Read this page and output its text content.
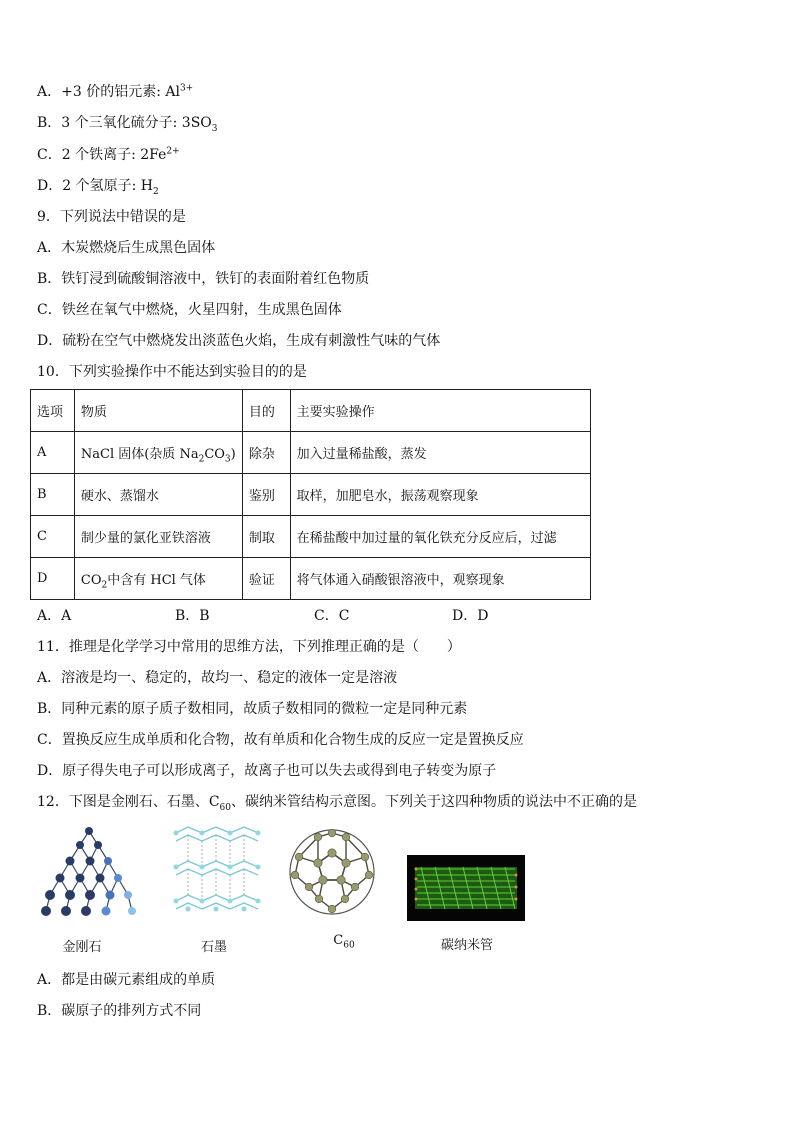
A．+3 价的铝元素: $Al^{3+}$
B．3 个三氧化硫分子: $3SO_3$
C．2 个铁离子: $2Fe^{2+}$
D．2 个氢原子: $H_2$
9．下列说法中错误的是
A．木炭燃烧后生成黑色固体
B．铁钉浸到硫酸铜溶液中，铁钉的表面附着红色物质
C．铁丝在氧气中燃烧，火星四射，生成黑色固体
D．硫粉在空气中燃烧发出淡蓝色火焰，生成有刺激性气味的气体
10．下列实验操作中不能达到实验目的的是
选项	物质	目的	主要实验操作
A	NaCl 固体(杂质 $Na_2CO_3$)	除杂	加入过量稀盐酸，蒸发
B	硬水、蒸馏水	鉴别	取样，加肥皂水，振荡观察现象
C	制少量的氯化亚铁溶液	制取	在稀盐酸中加过量的氧化铁充分反应后，过滤
D	$CO_2$中含有 HCl 气体	验证	将气体通入硝酸银溶液中，观察现象
A．A	B．B	C．C	D．D
11．推理是化学学习中常用的思维方法，下列推理正确的是（　　）
A．溶液是均一、稳定的，故均一、稳定的液体一定是溶液
B．同种元素的原子质子数相同，故质子数相同的微粒一定是同种元素
C．置换反应生成单质和化合物，故有单质和化合物生成的反应一定是置换反应
D．原子得失电子可以形成离子，故离子也可以失去或得到电子转变为原子
12．下图是金刚石、石墨、$C_{60}$、碳纳米管结构示意图。下列关于这四种物质的说法中不正确的是
金刚石	石墨	$C_{60}$	碳纳米管
A．都是由碳元素组成的单质
B．碳原子的排列方式不同
